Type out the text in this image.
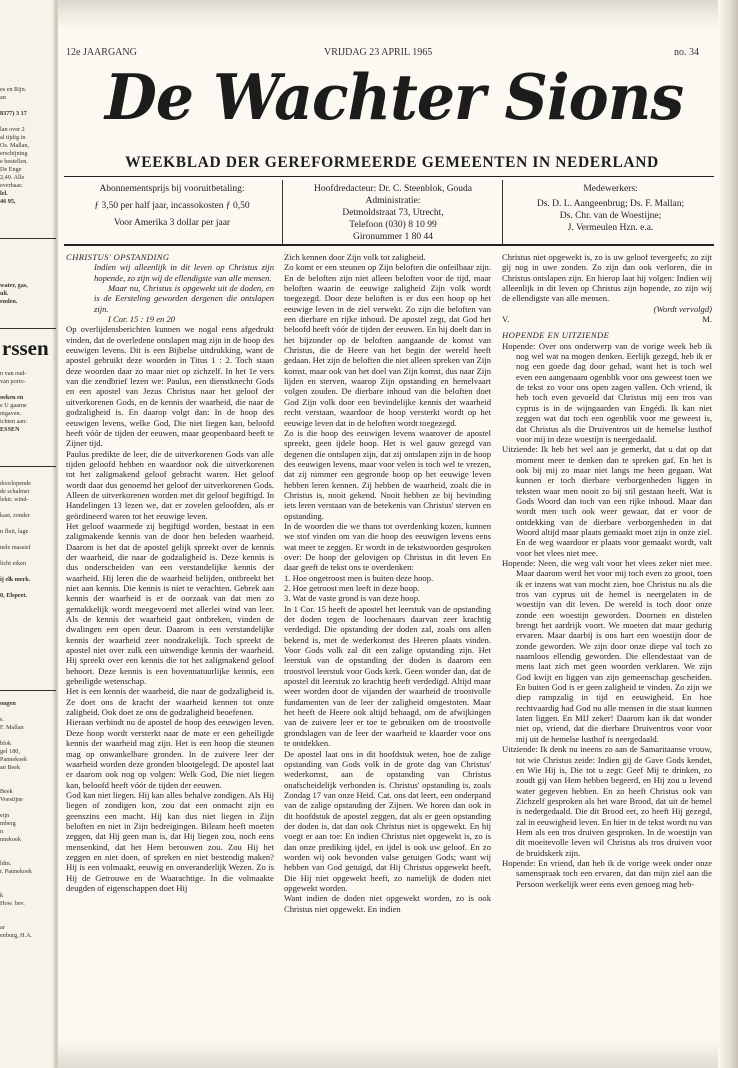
es en Rijn.
an
8377) 3 17
lan over 2
al tijdig in
Os. Mallan,
erschijning
e bestellen.
De Enge
2,40. Alle
everbaar.
lel.
46 95,
water, gas,
uli.
enden.
rssen
n van oud-
van porto-
oeken en
e U gaarne
ntgaven.
ichten aan:
ESSEN
doorlopende
de schalmei
lektr. wind-
kast, zonder
n fluit, lage
nele massief
licht eiken
ij elk merk.
0, Elspeet.
ongen
s.
F. Mallan
blok
gel 180,
Pannekoek
an Beek
Beek
Voestijne
eijn
mberg
n
nnekoek
ldm.
r. Pannekoek
k
How. bev.
ar
enburg, H.A.
12e JAARGANG	VRIJDAG 23 APRIL 1965	no. 34
De Wachter Sions
WEEKBLAD DER GEREFORMEERDE GEMEENTEN IN NEDERLAND
Abonnementsprijs bij vooruitbetaling:
ƒ 3,50 per half jaar, incassokosten ƒ 0,50
Voor Amerika 3 dollar per jaar
Hoofdredacteur: Dr. C. Steenblok, Gouda
Administratie:
Detmoldstraat 73, Utrecht,
Telefoon (030) 8 10 99
Gironummer 1 80 44
Medewerkers:
Ds. D. L. Aangeenbrug; Ds. F. Mallan;
Ds. Chr. van de Woestijne;
J. Vermeulen Hzn. e.a.

CHRISTUS' OPSTANDING

Indien wij alleenlijk in dit leven op Christus zijn hopende, zo zijn wij de ellendigste van alle mensen.

Maar nu, Christus is opgewekt uit de doden, en is de Eersteling geworden dergenen die ontslapen zijn.

I Cor. 15 : 19 en 20

Op overlijdensberichten kunnen we nogal eens afgedrukt vinden, dat de overledene ontslapen mag zijn in de hoop des eeuwigen levens. Dit is een Bijbelse uitdrukking, want de apostel gebruikt deze woorden in Titus 1 : 2. Toch staan deze woorden daar zo maar niet op zichzelf. In het 1e vers van die zendbrief lezen we: Paulus, een dienstknecht Gods en een apostel van Jezus Christus naar het geloof der uitverkorenen Gods, en de kennis der waarheid, die naar de godzaligheid is. En daarop volgt dan: In de hoop des eeuwigen levens, welke God, Die niet liegen kan, beloofd heeft vóór de tijden der eeuwen, maar geopenbaard heeft te Zijner tijd.

Paulus predikte de leer, die de uitverkorenen Gods van alle tijden geloofd hebben en waardoor ook die uitverkorenen tot het zaligmakend geloof gebracht waren. Het geloof wordt daar dus genoemd het geloof der uitverkorenen Gods. Alleen de uitverkorenen worden met dit geloof begiftigd. In Handelingen 13 lezen we, dat er zovelen geloofden, als er geördineerd waren tot het eeuwige leven.

Het geloof waarmede zij begiftigd worden, bestaat in een zaligmakende kennis van de door hen beleden waarheid. Daarom is het dat de apostel gelijk spreekt over de kennis der waarheid, die naar de godzaligheid is. Deze kennis is dus onderscheiden van een verstandelijke kennis der waarheid. Hij leren die de waarheid belijden, ontbreekt het niet aan kennis. Die kennis is niet te verachten. Gebrek aan kennis der waarheid is er de oorzaak van dat men zo gemakkelijk wordt meegevoerd met allerlei wind van leer. Als de kennis der waarheid gaat ontbreken, vinden de dwalingen een open deur. Daarom is een verstandelijke kennis der waarheid zeer noodzakelijk. Toch spreekt de apostel niet over zulk een uitwendige kennis der waarheid. Hij spreekt over een kennis die tot het zaligmakend geloof behoort. Deze kennis is een bovennatuurlijke kennis, een geheiligde wetenschap.

Het is een kennis der waarheid, die naar de godzaligheid is. Ze doet ons de kracht der waarheid kennen tot onze zaligheid. Ook doet ze ons de godzaligheid beoefenen.

Hieraan verbindt nu de apostel de hoop des eeuwigen leven. Deze hoop wordt versterkt naar de mate er een geheiligde kennis der waarheid mag zijn. Het is een hoop die steunen mag op onwankelbare gronden. In de zuivere leer der waarheid worden deze gronden blootgelegd. De apostel laat er daarom ook nog op volgen: Welk God, Die niet liegen kan, beloofd heeft vóór de tijden der eeuwen.

God kan niet liegen. Hij kan alles behalve zondigen. Als Hij liegen of zondigen kon, zou dat een onmacht zijn en geenszins een macht. Hij kan dus niet liegen in Zijn beloften en niet in Zijn bedreigingen. Bileam heeft moeten zeggen, dat Hij geen man is, dat Hij liegen zou, noch eens mensenkind, dat het Hem berouwen zou. Zou Hij het zeggen en niet doen, of spreken en niet bestendig maken? Hij is een volmaakt, eeuwig en onveranderlijk Wezen. Zo is Hij de Getrouwe en de Waarachtige. In die volmaakte deugden of eigenschappen doet Hij

Zich kennen door Zijn volk tot zaligheid.

Zo komt er een steunen op Zijn beloften die onfeilbaar zijn. En de beloften zijn niet alleen beloften voor de tijd, maar beloften waarin de eeuwige zaligheid Zijn volk wordt toegezegd. Door deze beloften is er dus een hoop op het eeuwige leven in de ziel verwekt. Zo zijn die beloften van een dierbare en rijke inhoud. De apostel zegt, dat God het beloofd heeft vóór de tijden der eeuwen. En hij doelt dan in het bijzonder op de beloften aangaande de komst van Christus, die de Heere van het begin der wereld heeft gedaan. Het zijn de beloften die niet alleen spreken van Zijn komst, maar ook van het doel van Zijn komst, dus naar Zijn lijden en sterven, waarop Zijn opstanding en hemelvaart volgen zouden. De dierbare inhoud van die beloften doet God Zijn volk door een bevindelijke kennis der waarheid recht verstaan, waardoor de hoop versterkt wordt op het eeuwige leven dat in de beloften wordt toegezegd.

Zo is die hoop des eeuwigen levens waarover de apostel spreekt, geen ijdele hoop. Het is wel gauw gezegd van degenen die ontslapen zijn, dat zij ontslapen zijn in de hoop des eeuwigen levens, maar voor velen is toch wel te vrezen, dat zij nimmer een gegronde hoop op het eeuwige leven hebben leren kennen. Zij hebben de waarheid, zoals die in Christus is, nooit gekend. Nooit hebben ze bij bevinding iets leren verstaan van de betekenis van Christus' sterven en opstanding.

In de woorden die we thans tot overdenking kozen, kunnen we stof vinden om van die hoop des eeuwigen levens eens wat meer te zeggen. Er wordt in de tekstwoorden gesproken over: De hoop der gelovigen op Christus in dit leven En daar geeft de tekst ons te overdenken:

1. Hoe ongetroost men is buiten deze hoop.

2. Hoe getroost men leeft in deze hoop.

3. Wat de vaste grond is van deze hoop.

In 1 Cor. 15 heeft de apostel het leerstuk van de opstanding der doden tegen de loochenaars daarvan zeer krachtig verdedigd. Die opstanding der doden zal, zoals ons allen bekend is, met de wederkomst des Heeren plaats vinden. Voor Gods volk zal dit een zalige opstanding zijn. Het leerstuk van de opstanding der doden is daarom een troostvol leerstuk voor Gods kerk. Geen wonder dan, dat de apostel dit leerstuk zo krachtig heeft verdedigd. Altijd maar weer worden door de vijanden der waarheid de troostvolle fundamenten van de leer der zaligheid omgestoten. Maar het heeft de Heere ook altijd behaagd, om de afwijkingen van de zuivere leer er toe te gebruiken om de troostvolle grondslagen van de leer der waarheid te klaarder voor ons te ontdekken.

De apostel laat ons in dit hoofdstuk weten, hoe de zalige opstanding van Gods volk in de grote dag van Christus' wederkomst, aan de opstanding van Christus onafscheidelijk verbonden is. Christus' opstanding is, zoals Zondag 17 van onze Heid. Cat. ons dat leert, een onderpand van de zalige opstanding der Zijnen. We horen dan ook in dit hoofdstuk de apostel zeggen, dat als er geen opstanding der doden is, dat dan ook Christus niet is opgewekt. En hij voegt er aan toe: En indien Christus niet opgewekt is, zo is dan onze prediking ijdel, en ijdel is ook uw geloof. En zo worden wij ook bevonden valse getuigen Gods; want wij hebben van God getuigd, dat Hij Christus opgewekt heeft, Die Hij niet opgewekt heeft, zo namelijk de doden niet opgewekt worden.

Want indien de doden niet opgewekt worden, zo is ook Christus niet opgewekt. En indien

Christus niet opgewekt is, zo is uw geloof tevergeefs; zo zijt gij nog in uwe zonden. Zo zijn dan ook verloren, die in Christus ontslapen zijn. En hierop laat hij volgen: Indien wij alleenlijk in dit leven op Christus zijn hopende, zo zijn wij de ellendigste van alle mensen.

(Wordt vervolgd)

V.	M.

HOPENDE EN UITZIENDE

Hopende: Over ons onderwerp van de vorige week heb ik nog wel wat na mogen denken. Eerlijk gezegd, heb ik er nog een goede dag door gehad, want het is toch wel even een aangenaam ogenblik voor ons geweest toen we de tekst zo voor ons open zagen vallen. Och vriend, ik heb toch even gevoeld dat Christus mij een tros van cyprus is in de wijngaarden van Engédi. Ik kan niet zeggen wat dat toch een ogenblik voor me geweest is, dat Christus als die Druiventros uit de hemelse lusthof voor mij in deze woestijn is neergedaald.

Uitziende: Ik heb het wel aan je gemerkt, dat u dat op dat moment meer te denken dan te spreken gaf. En het is ook bij mij zo maar niet langs me heen gegaan. Wat kunnen er toch dierbare verborgenheden liggen in teksten waar men nooit zo bij stil gestaan heeft. Wat is Gods Woord dan toch van een rijke inhoud. Maar dan wordt men toch ook weer gewaar, dat er voor de ontdekking van de dierbare verborgenheden in dat Woord altijd maar plaats gemaakt moet zijn in onze ziel. En de weg waardoor er plaats voor gemaakt wordt, valt voor het vlees niet mee.

Hopende: Neen, die weg valt voor het vlees zeker niet mee. Maar daarom werd het voor mij toch even zo groot, toen ik er inzens wat van mocht zien, hoe Christus nu als die tros van cyprus uit de hemel is neergelaten in de woestijn van dit leven. De wereld is toch door onze zonde een woestijn geworden. Doornen en distelen brengt het aardrijk voort. We moeten dat maar gedurig ervaren. Maar daarbij is ons hart een woestijn door de zonde geworden. We zijn door onze diepe val toch zo naamloos ellendig geworden. Die ellendestaat van de mens laat zich met geen woorden verklaren. We zijn God kwijt en liggen van zijn gemeenschap gescheiden. En buiten God is er geen zaligheid te vinden. Zo zijn we diep rampzalig in tijd en eeuwigheid. En hoe rechtvaardig had God nu alle mensen in die staat kunnen laten liggen. En MIJ zeker! Daarom kan ik dat wonder niet op, vriend, dat die dierbare Druiventros voor voor mij uit de hemelse lusthof is neergedaald.

Uitziende: Ik denk nu ineens zo aan de Samaritaanse vrouw, tot wie Christus zeide: Indien gij de Gave Gods kendet, en Wie Hij is, Die tot u zegt: Geef Mij te drinken, zo zoudt gij van Hem hebben begeerd, en Hij zou u levend water gegeven hebben. En zo heeft Christus ook van Zichzelf gesproken als het ware Brood, dat uit de hemel is nedergedaald. Die dit Brood eet, zo heeft Hij gezegd, zal in eeuwigheid leven. En hier in de tekst wordt nu van Hem als een tros druiven gesproken. In de woestijn van dit moeitevolle leven wil Christus als tros druiven voor de bruidskerk zijn.

Hopende: En vriend, dan heb ik de vorige week onder onze samenspraak toch een ervaren, dat dan mijn ziel aan die Persoon werkelijk weer eens even genoeg mag heb-
